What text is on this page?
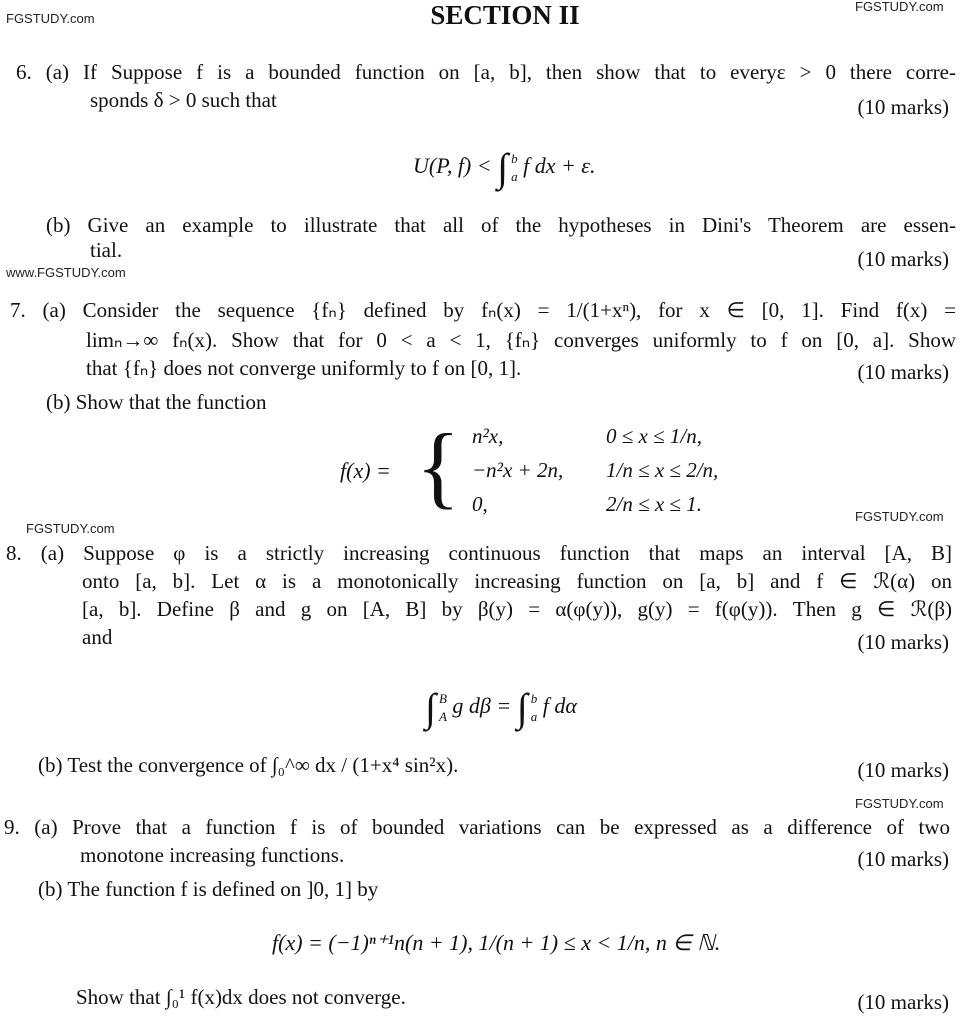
FGSTUDY.com	SECTION II	FGSTUDY.com
6. (a) If Suppose f is a bounded function on [a, b], then show that to everyε > 0 there corre-
sponds δ > 0 such that	(10 marks)
U(P, f) < ∫ b
a f dx + ε.
(b) Give an example to illustrate that all of the hypotheses in Dini's Theorem are essen-
tial.
www.FGSTUDY.com
(10 marks)
7. (a) Consider the sequence {fₙ} defined by fₙ(x) = 1/(1+xⁿ), for x ∈ [0, 1]. Find f(x) =
limₙ→∞ fₙ(x). Show that for 0 < a < 1, {fₙ} converges uniformly to f on [0, a]. Show
that {fₙ} does not converge uniformly to f on [0, 1].	(10 marks)
(b) Show that the function
f(x) = { n²x,	0 ≤ x ≤ 1/n,
−n²x + 2n, 1/n ≤ x ≤ 2/n,
0,	2/n ≤ x ≤ 1.
FGSTUDY.com
FGSTUDY.com
8. (a) Suppose φ is a strictly increasing continuous function that maps an interval [A, B]
onto [a, b]. Let α is a monotonically increasing function on [a, b] and f ∈ ℛ(α) on
[a, b]. Define β and g on [A, B] by β(y) = α(φ(y)), g(y) = f(φ(y)). Then g ∈ ℛ(β)
and	(10 marks)
∫ B
A g dβ = ∫ b
a f dα
(b) Test the convergence of ∫₀^∞ dx / (1+x⁴ sin²x).	(10 marks)
FGSTUDY.com
9. (a) Prove that a function f is of bounded variations can be expressed as a difference of two
monotone increasing functions.	(10 marks)
(b) The function f is defined on ]0, 1] by
f(x) = (−1)ⁿ⁺¹n(n + 1), 1/(n + 1) ≤ x < 1/n, n ∈ ℕ.
Show that ∫₀¹ f(x)dx does not converge.	(10 marks)
